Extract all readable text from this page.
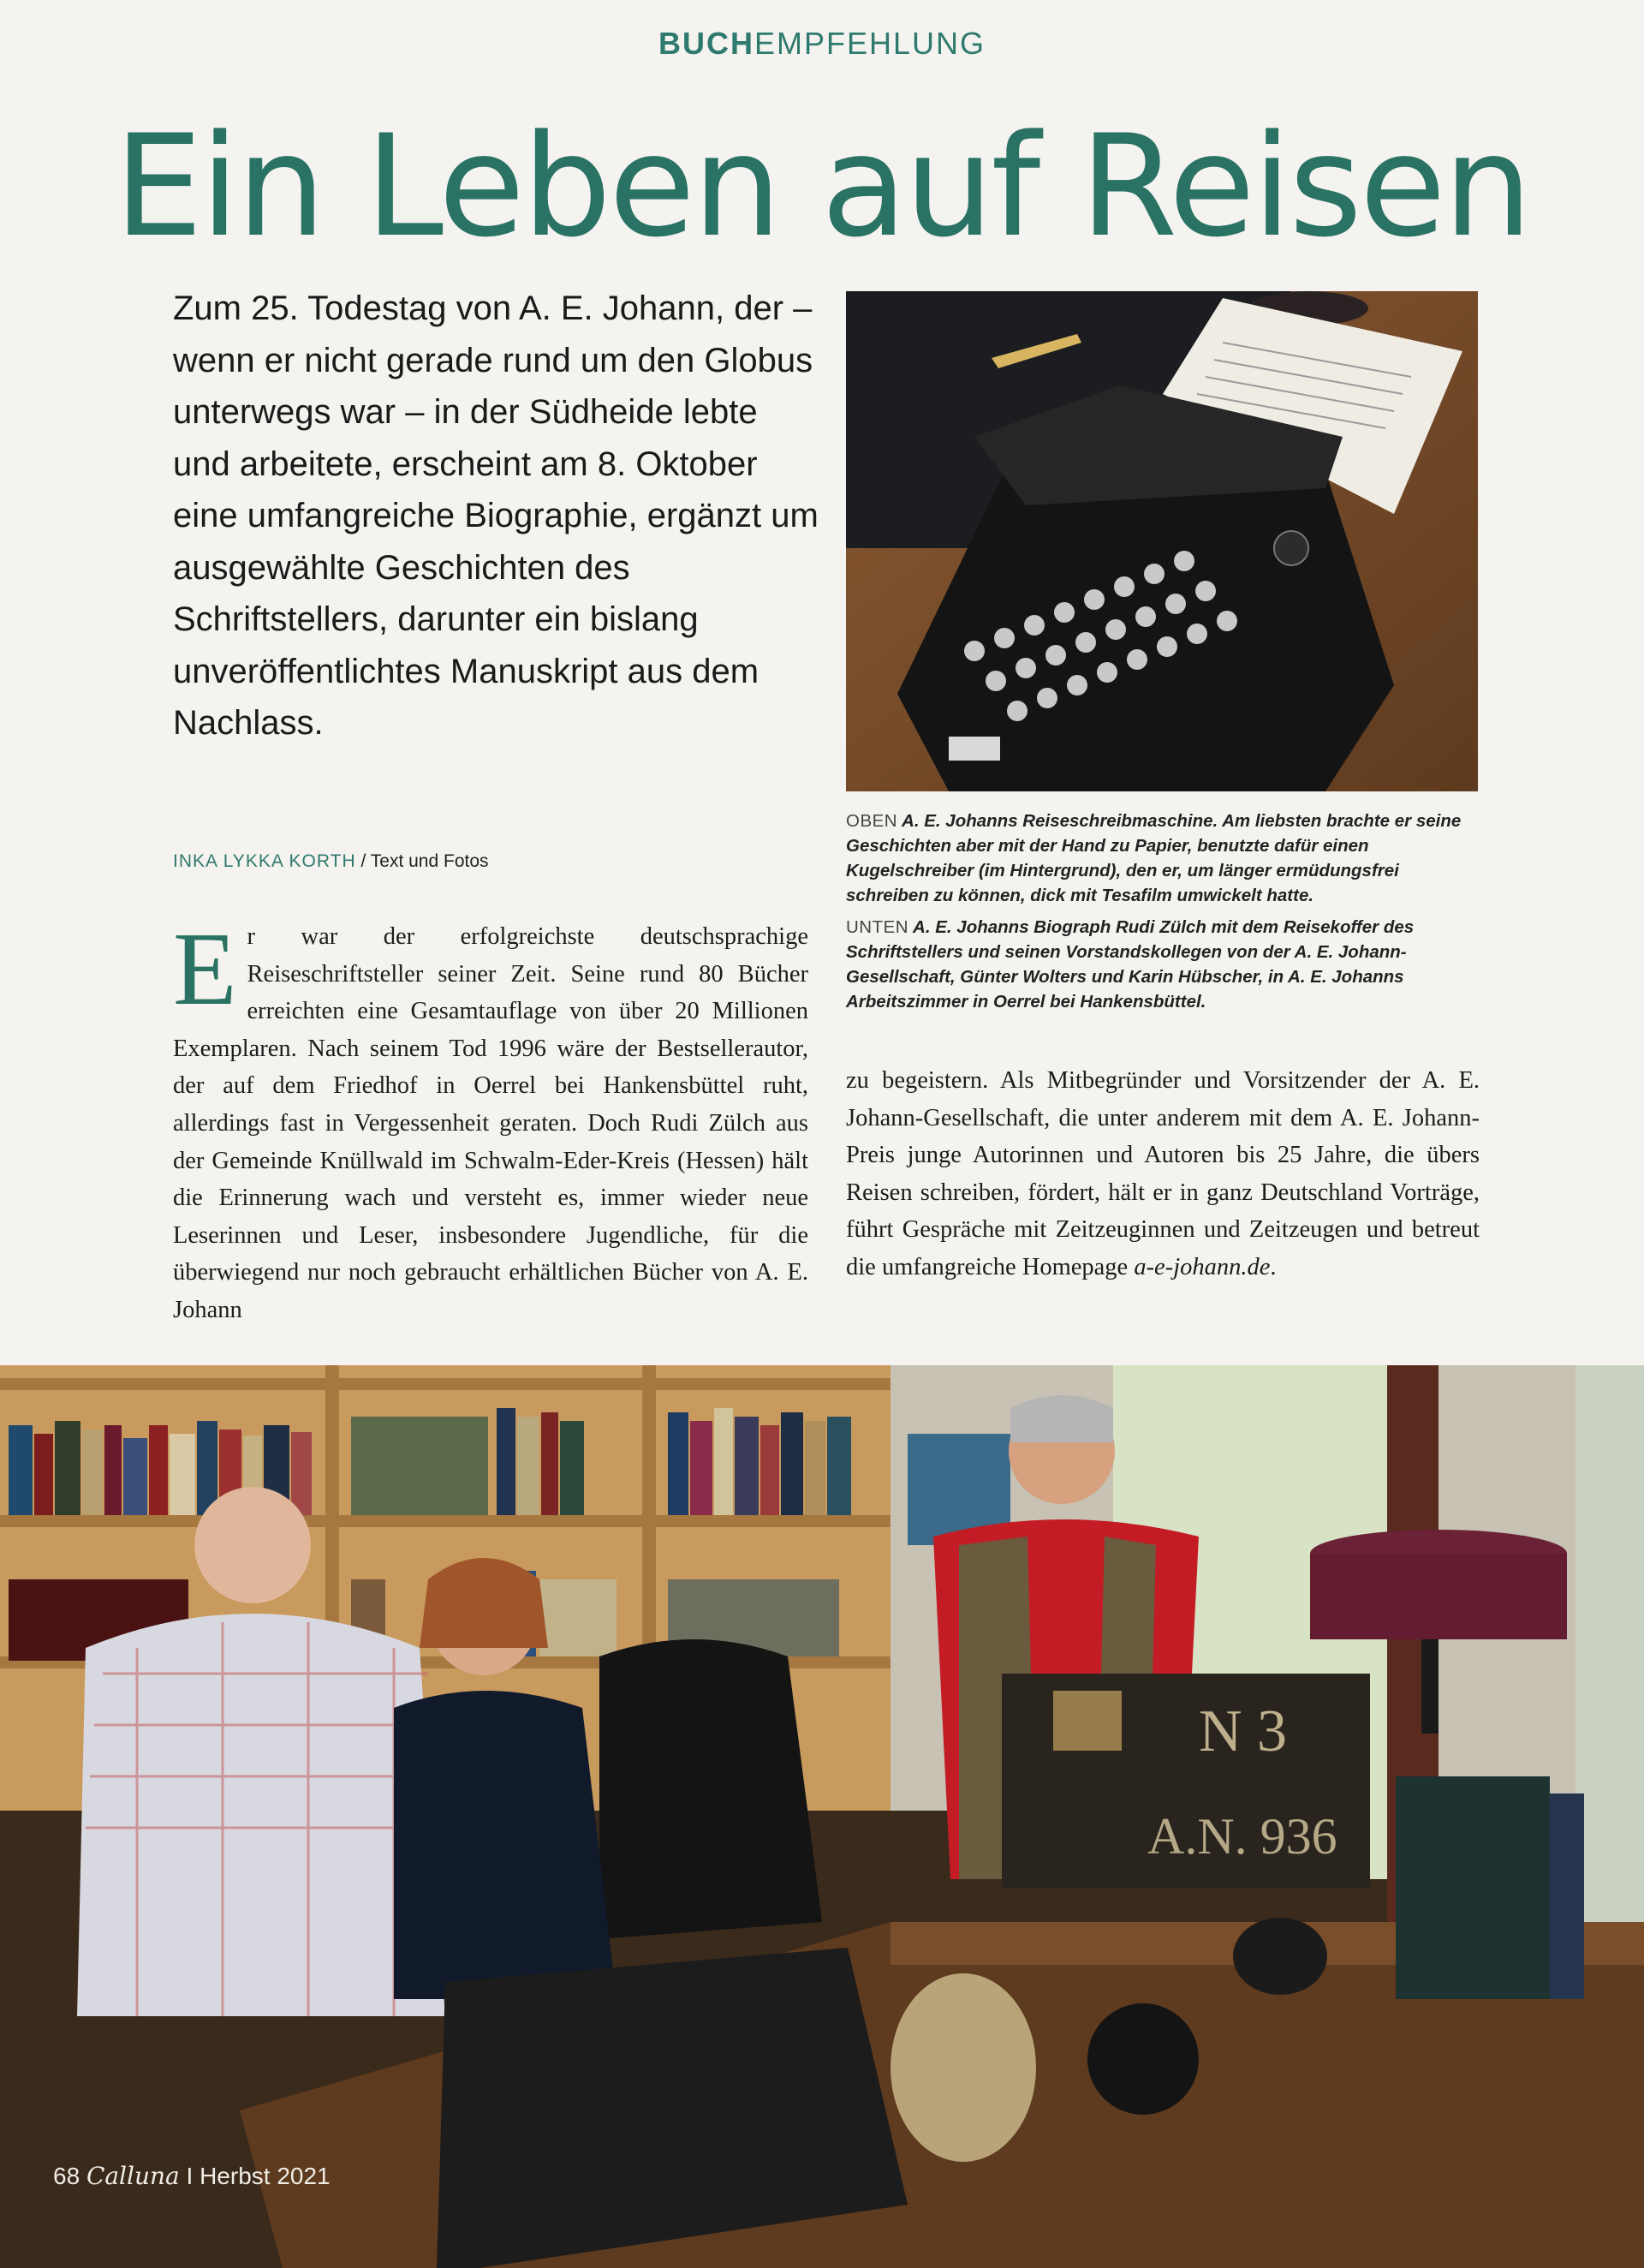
BUCHEMPFEHLUNG
Ein Leben auf Reisen
Zum 25. Todestag von A. E. Johann, der – wenn er nicht gerade rund um den Globus unterwegs war – in der Südheide lebte und arbeitete, erscheint am 8. Oktober eine umfangreiche Biographie, ergänzt um ausgewählte Geschichten des Schriftstellers, darunter ein bislang unveröffentlichtes Manuskript aus dem Nachlass.
INKA LYKKA KORTH / Text und Fotos

OBEN A. E. Johanns Reiseschreibmaschine. Am liebsten brachte er seine Geschichten aber mit der Hand zu Papier, benutzte dafür einen Kugelschreiber (im Hintergrund), den er, um länger ermüdungsfrei schreiben zu können, dick mit Tesafilm umwickelt hatte.

UNTEN A. E. Johanns Biograph Rudi Zülch mit dem Reisekoffer des Schriftstellers und seinen Vorstandskollegen von der A. E. Johann-Gesellschaft, Günter Wolters und Karin Hübscher, in A. E. Johanns Arbeitszimmer in Oerrel bei Hankensbüttel.

Er war der erfolgreichste deutschsprachige Reiseschriftsteller seiner Zeit. Seine rund 80 Bücher erreichten eine Gesamtauflage von über 20 Millionen Exemplaren. Nach seinem Tod 1996 wäre der Bestsellerautor, der auf dem Friedhof in Oerrel bei Hankensbüttel ruht, allerdings fast in Vergessenheit geraten. Doch Rudi Zülch aus der Gemeinde Knüllwald im Schwalm-Eder-Kreis (Hessen) hält die Erinnerung wach und versteht es, immer wieder neue Leserinnen und Leser, insbesondere Jugendliche, für die überwiegend nur noch gebraucht erhältlichen Bücher von A. E. Johann
zu begeistern. Als Mitbegründer und Vorsitzender der A. E. Johann-Gesellschaft, die unter anderem mit dem A. E. Johann-Preis junge Autorinnen und Autoren bis 25 Jahre, die übers Reisen schreiben, fördert, hält er in ganz Deutschland Vorträge, führt Gespräche mit Zeitzeuginnen und Zeitzeugen und betreut die umfangreiche Homepage a-e-johann.de.
N 3
A.N. 936
68 Calluna I Herbst 2021
